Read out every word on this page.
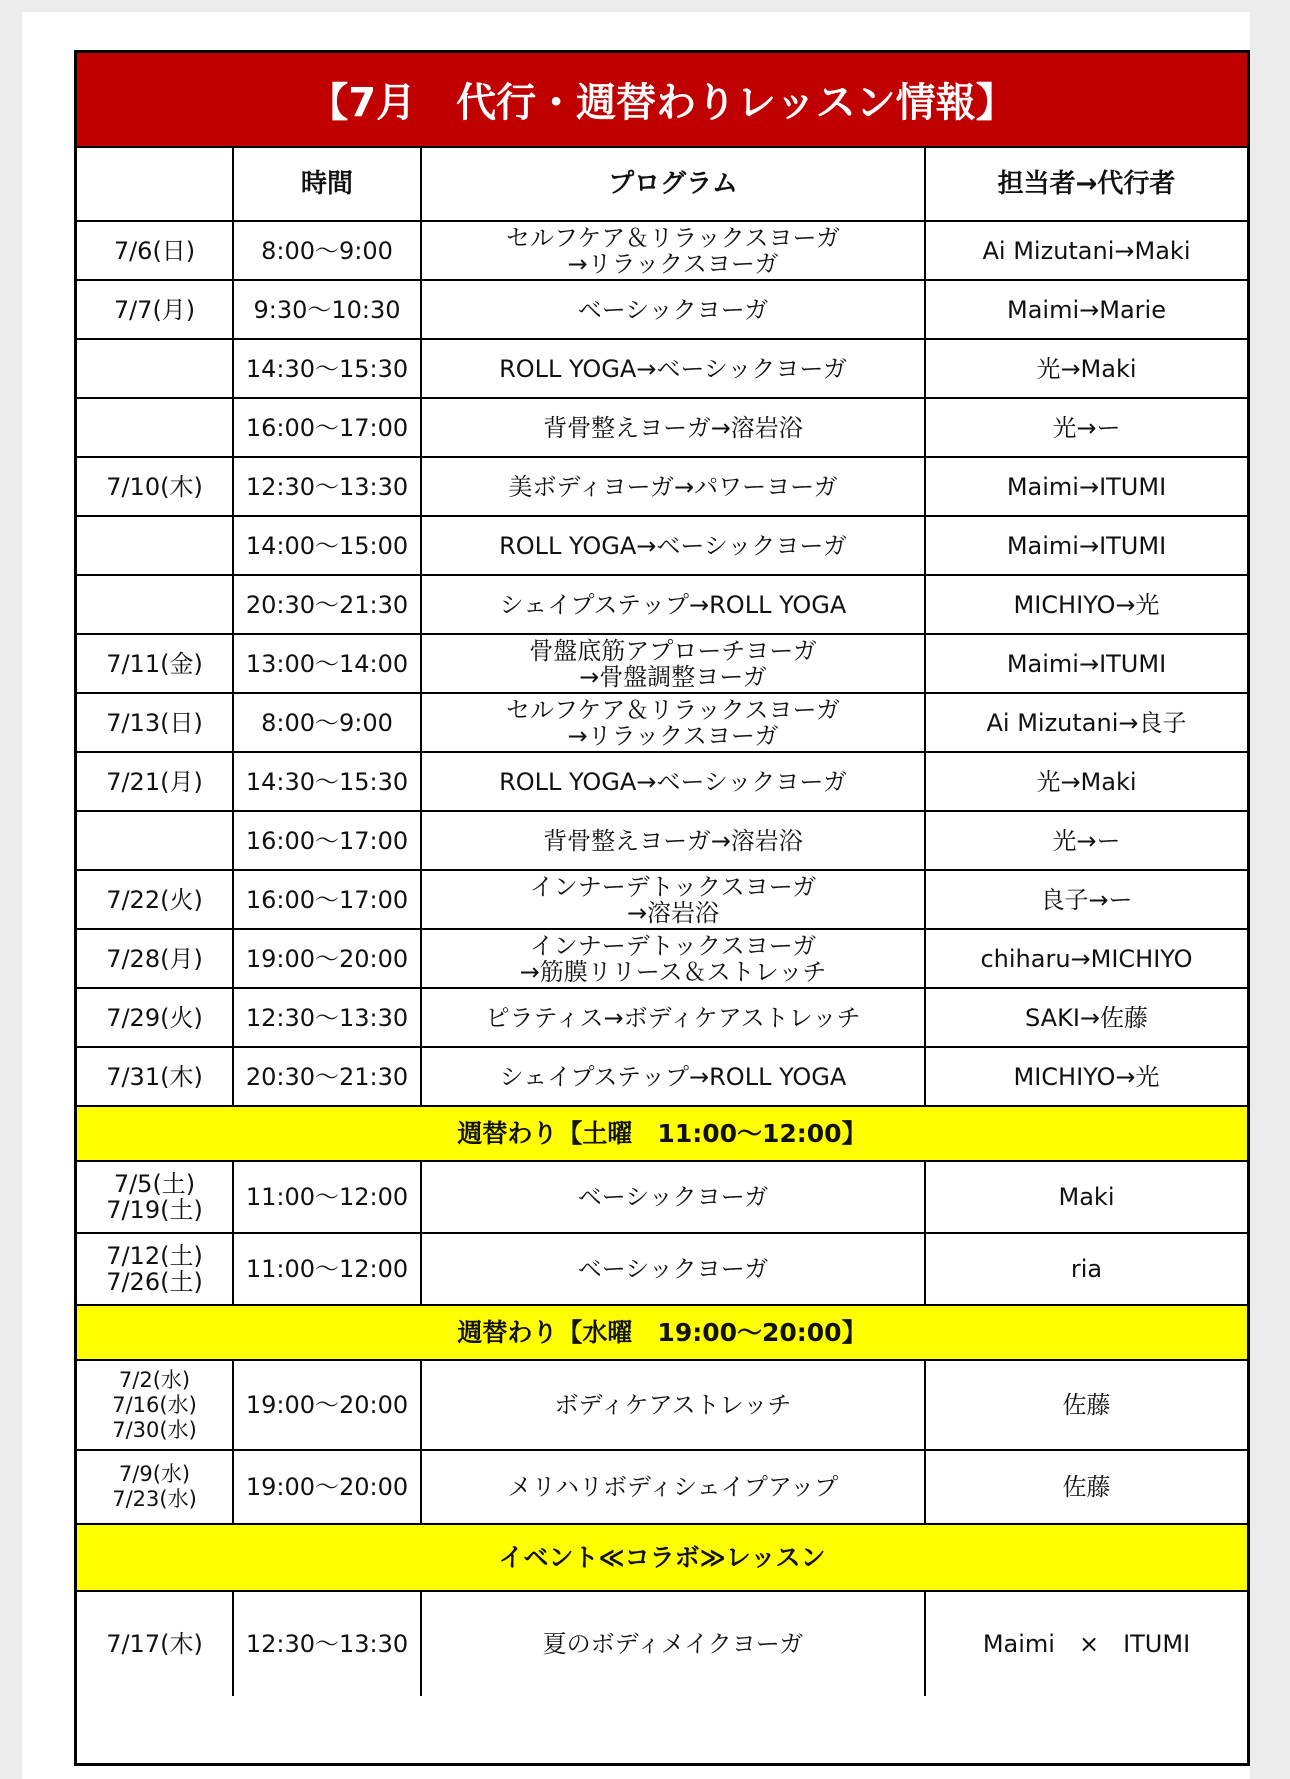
【7月　代行・週替わりレッスン情報】
	時間	プログラム	担当者→代行者
7/6(日)	8:00～9:00	セルフケア＆リラックスヨーガ
→リラックスヨーガ	Ai Mizutani→Maki
7/7(月)	9:30～10:30	ベーシックヨーガ	Maimi→Marie
	14:30～15:30	ROLL YOGA→ベーシックヨーガ	光→Maki
	16:00～17:00	背骨整えヨーガ→溶岩浴	光→ー
7/10(木)	12:30～13:30	美ボディヨーガ→パワーヨーガ	Maimi→ITUMI
	14:00～15:00	ROLL YOGA→ベーシックヨーガ	Maimi→ITUMI
	20:30～21:30	シェイプステップ→ROLL YOGA	MICHIYO→光
7/11(金)	13:00～14:00	骨盤底筋アプローチヨーガ
→骨盤調整ヨーガ	Maimi→ITUMI
7/13(日)	8:00～9:00	セルフケア＆リラックスヨーガ
→リラックスヨーガ	Ai Mizutani→良子
7/21(月)	14:30～15:30	ROLL YOGA→ベーシックヨーガ	光→Maki
	16:00～17:00	背骨整えヨーガ→溶岩浴	光→ー
7/22(火)	16:00～17:00	インナーデトックスヨーガ
→溶岩浴	良子→ー
7/28(月)	19:00～20:00	インナーデトックスヨーガ
→筋膜リリース＆ストレッチ	chiharu→MICHIYO
7/29(火)	12:30～13:30	ピラティス→ボディケアストレッチ	SAKI→佐藤
7/31(木)	20:30～21:30	シェイプステップ→ROLL YOGA	MICHIYO→光
週替わり【土曜　11:00～12:00】			

7/5(土)
7/19(土)	11:00～12:00	ベーシックヨーガ	Maki

7/12(土)
7/26(土)	11:00～12:00	ベーシックヨーガ	ria
週替わり【水曜　19:00～20:00】			

7/2(水)
7/16(水)
7/30(水)	19:00～20:00	ボディケアストレッチ	佐藤

7/9(水)
7/23(水)	19:00～20:00	メリハリボディシェイプアップ	佐藤
イベント≪コラボ≫レッスン			
7/17(木)	12:30～13:30	夏のボディメイクヨーガ	Maimi　×　ITUMI
